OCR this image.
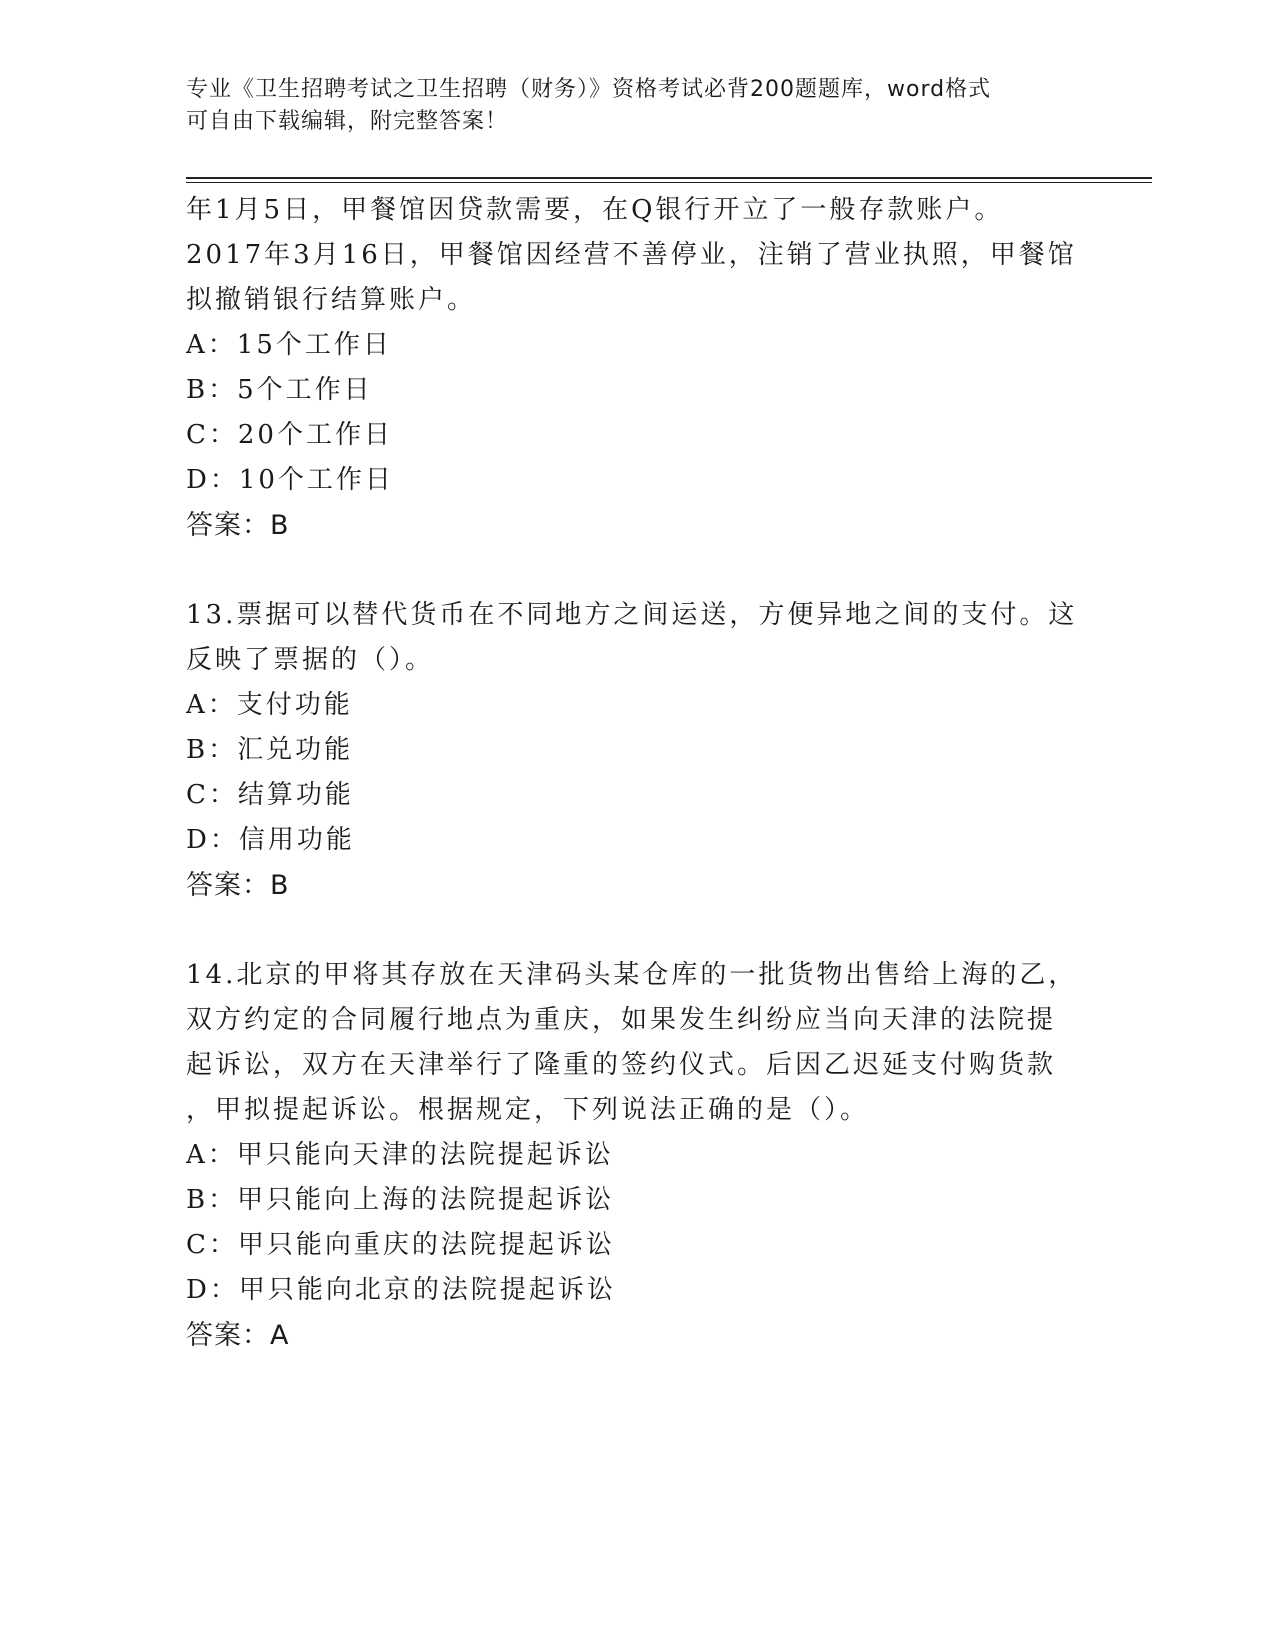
专业《卫生招聘考试之卫生招聘（财务）》资格考试必背200题题库，word格式
可自由下载编辑，附完整答案！
年1月5日，甲餐馆因贷款需要，在Q银行开立了一般存款账户。
2017年3月16日，甲餐馆因经营不善停业，注销了营业执照，甲餐馆
拟撤销银行结算账户。
A：15个工作日
B：5个工作日
C：20个工作日
D：10个工作日
答案：B
13.票据可以替代货币在不同地方之间运送，方便异地之间的支付。这
反映了票据的（）。
A：支付功能
B：汇兑功能
C：结算功能
D：信用功能
答案：B
14.北京的甲将其存放在天津码头某仓库的一批货物出售给上海的乙，
双方约定的合同履行地点为重庆，如果发生纠纷应当向天津的法院提
起诉讼，双方在天津举行了隆重的签约仪式。后因乙迟延支付购货款
，甲拟提起诉讼。根据规定，下列说法正确的是（）。
A：甲只能向天津的法院提起诉讼
B：甲只能向上海的法院提起诉讼
C：甲只能向重庆的法院提起诉讼
D：甲只能向北京的法院提起诉讼
答案：A
